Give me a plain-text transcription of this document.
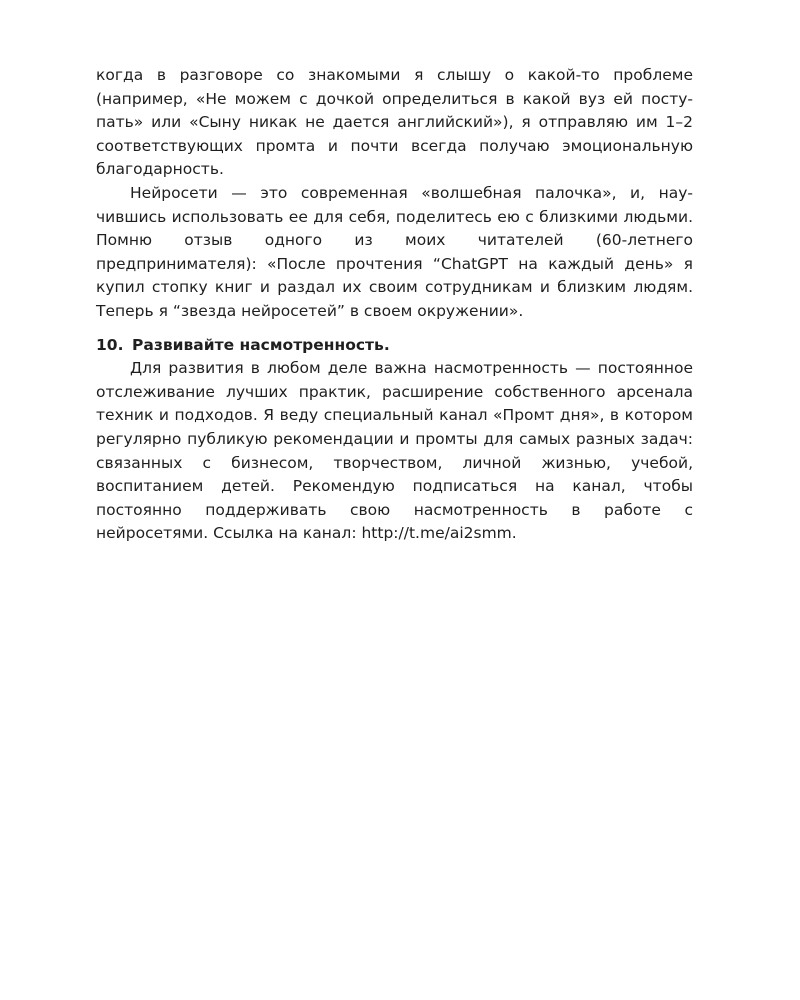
когда в разговоре со знакомыми я слышу о какой-то проблеме (например, «Не можем с дочкой определиться в какой вуз ей поступать» или «Сыну никак не дается английский»), я отправляю им 1–2 соответствующих промта и почти всегда получаю эмоциональную благодарность.

Нейросети — это современная «волшебная палочка», и, научившись использовать ее для себя, поделитесь ею с близкими людьми. Помню отзыв одного из моих читателей (60-летнего предпринимателя): «После прочтения “ChatGPT на каждый день» я купил стопку книг и раздал их своим сотрудникам и близким людям. Теперь я “звезда нейросетей” в своем окружении».

10. Развивайте насмотренность.

Для развития в любом деле важна насмотренность — постоянное отслеживание лучших практик, расширение собственного арсенала техник и подходов. Я веду специальный канал «Промт дня», в котором регулярно публикую рекомендации и промты для самых разных задач: связанных с бизнесом, творчеством, личной жизнью, учебой, воспитанием детей. Рекомендую подписаться на канал, чтобы постоянно поддерживать свою насмотренность в работе с нейросетями. Ссылка на канал: http://t.me/ai2smm.
